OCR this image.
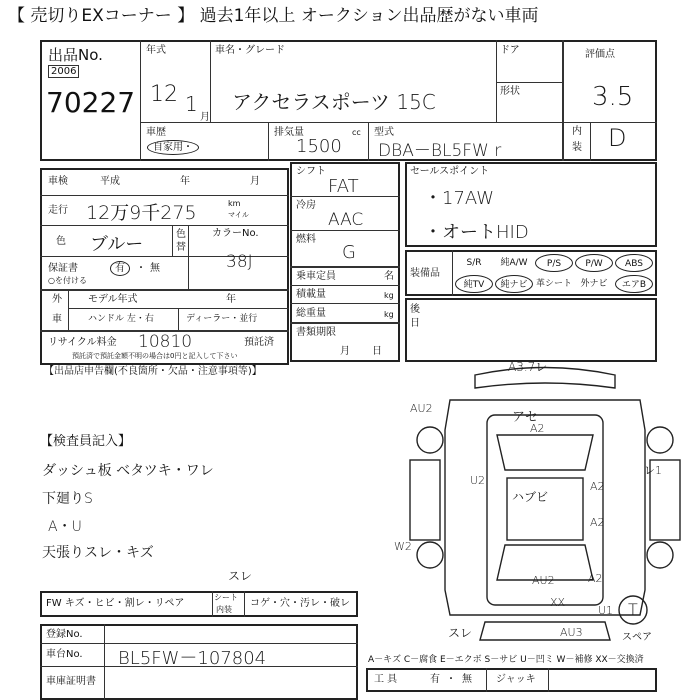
【 売切りEXコーナー 】 過去1年以上 オークション出品歴がない車両
出品No.
2006
70227
年式
12 1
月
車名・グレード
アクセラスポーツ 15C
ドア
形状
評価点
3.5
内
装 D
車歴
自家用・
排気量	cc
1500
型式
DBA－BL5FW r
車検	平成	年	月
走行 12万9千275	km
マイル
色 ブルー	色
替
カラーNo.
38J
保証書	有	・ 無
○を付ける
外
車
モデル年式	年
ハンドル 左・右	ディーラー・並行
リサイクル料金 10810	預託済
預託済で預託金額不明の場合は0円と記入して下さい
シフト
FAT
冷房
AAC
燃料
G
乗車定員	名
積載量	kg
総重量	kg
書類期限
月 日
セールスポイント
・17AW
・オートHID
装備品
S/R	純A/W	P/S	P/W	ABS
純TV	純ナビ 革シート 外ナビ	エアB
後
日
【出品店申告欄(不良箇所・欠品・注意事項等)】
【検査員記入】
ダッシュ板 ベタツキ・ワレ
下廻りS
A・U
天張りスレ・キズ
A3.7レ
AU2
アセ
A2
U2
ハブビ
A2
A2
レ1
W2
スレ	AU2	A2
XX
U1
スレ	AU3
T
スペア
FW キズ・ヒビ・割レ・リペア
シート
内装
コゲ・穴・汚レ・破レ
登録No.
車台No. BL5FW－107804
車庫証明書
A－キズ C－腐食 E－エクボ S－サビ U－凹ミ W－補修 XX－交換済
工 具	有 ・ 無 ジャッキ
